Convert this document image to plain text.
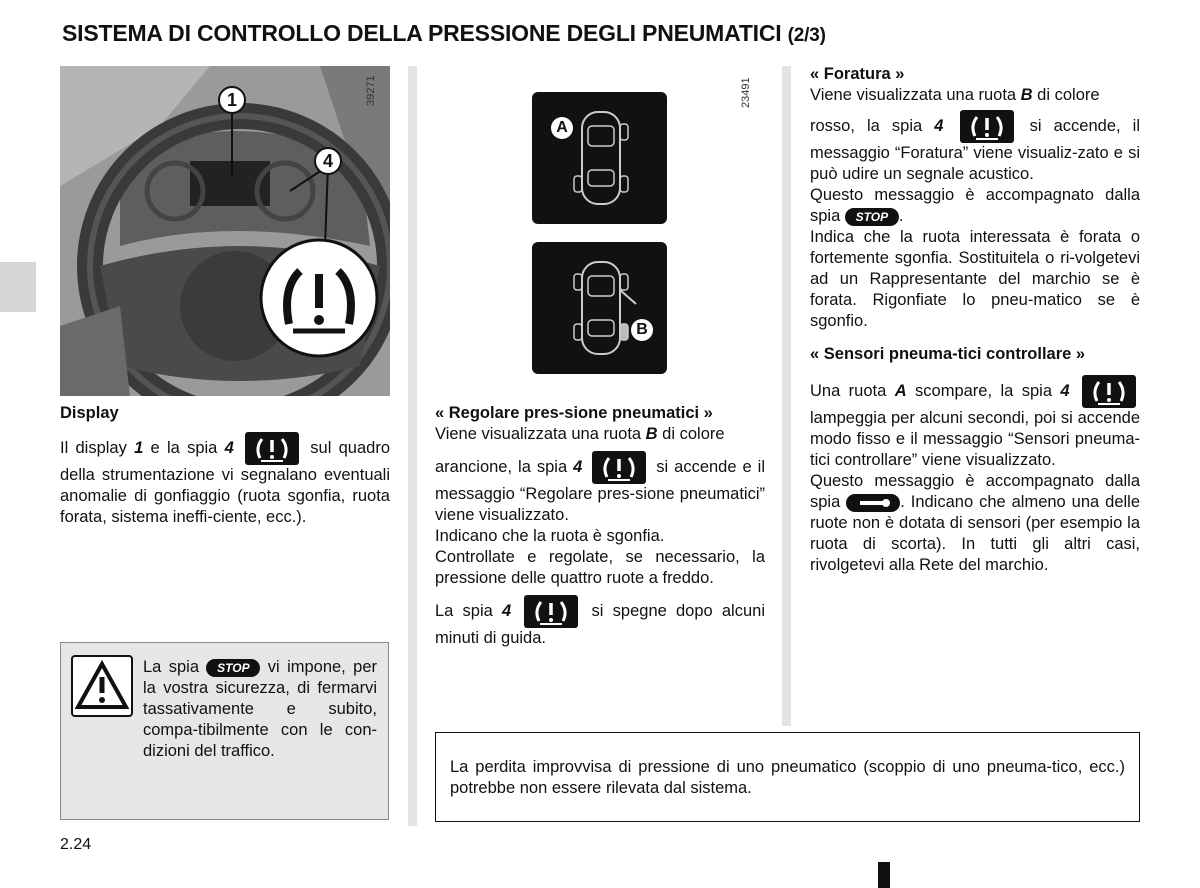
SISTEMA DI CONTROLLO DELLA PRESSIONE DEGLI PNEUMATICI (2/3)
1
4
39271	23491
A
B
Display
Il display 1 e la spia 4	sul quadro della strumentazione vi segnalano eventuali anomalie di gonfiaggio (ruota sgonfia, ruota forata, sistema ineffi-ciente, ecc.).
La spia STOP vi impone, per la vostra sicurezza, di fermarvi tassativamente e subito, compa-tibilmente con le con-dizioni del traffico.
2.24
« Regolare pres-sione pneumatici »
Viene visualizzata una ruota B di colore
arancione, la spia 4	si accende e il messaggio “Regolare pres-sione pneumatici” viene visualizzato.
Indicano che la ruota è sgonfia.
Controllate e regolate, se necessario, la pressione delle quattro ruote a freddo.
La spia 4	si spegne dopo alcuni minuti di guida.
« Foratura »
Viene visualizzata una ruota B di colore
rosso, la spia 4	si accende, il messaggio “Foratura” viene visualiz-zato e si può udire un segnale acustico.
Questo messaggio è accompagnato dalla spia STOP .
Indica che la ruota interessata è forata o fortemente sgonfia. Sostituitela o ri-volgetevi ad un Rappresentante del marchio se è forata. Rigonfiate lo pneu-matico se è sgonfio.
« Sensori pneuma-tici controllare »
Una ruota A scompare, la spia 4
lampeggia per alcuni secondi, poi si accende modo fisso e il messaggio “Sensori pneuma-tici controllare” viene visualizzato.
Questo messaggio è accompagnato dalla spia	. Indicano che almeno una delle ruote non è dotata di sensori (per esempio la ruota di scorta). In tutti gli altri casi, rivolgetevi alla Rete del marchio.
La perdita improvvisa di pressione di uno pneumatico (scoppio di uno pneuma-tico, ecc.) potrebbe non essere rilevata dal sistema.
